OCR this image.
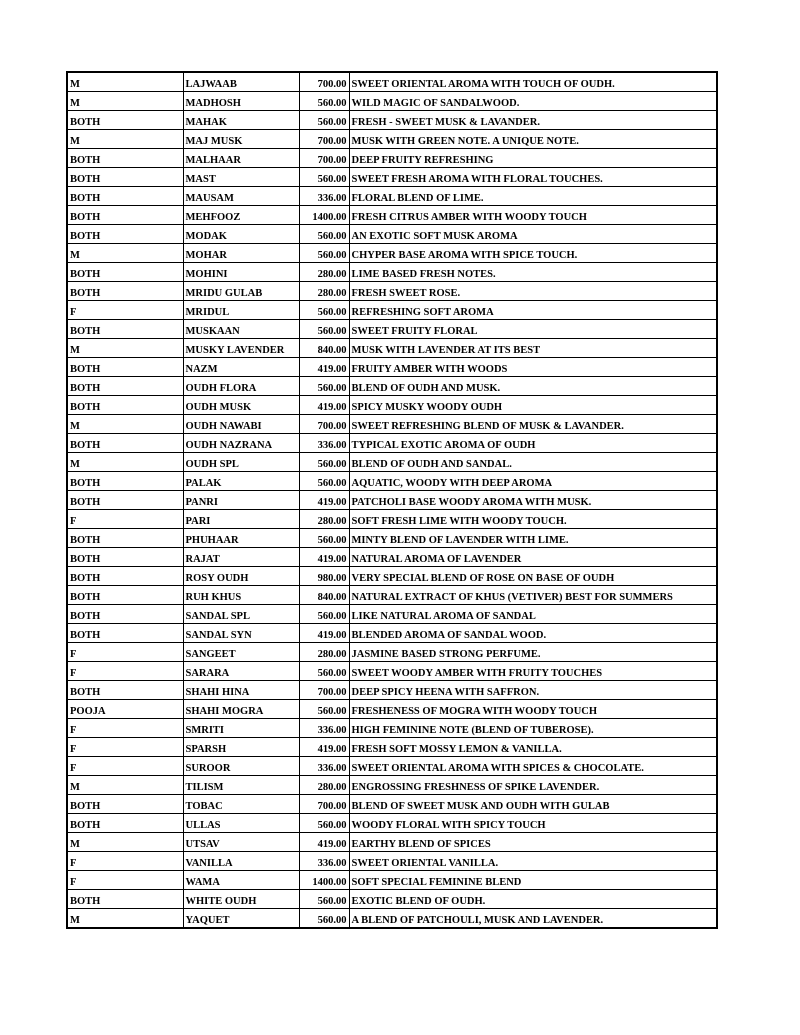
M	LAJWAAB	700.00	SWEET ORIENTAL AROMA WITH TOUCH OF OUDH.
M	MADHOSH	560.00	WILD MAGIC OF SANDALWOOD.
BOTH	MAHAK	560.00	FRESH - SWEET MUSK & LAVANDER.
M	MAJ MUSK	700.00	MUSK WITH GREEN NOTE. A UNIQUE NOTE.
BOTH	MALHAAR	700.00	DEEP FRUITY REFRESHING
BOTH	MAST	560.00	SWEET FRESH AROMA WITH FLORAL TOUCHES.
BOTH	MAUSAM	336.00	FLORAL BLEND OF LIME.
BOTH	MEHFOOZ	1400.00	FRESH CITRUS AMBER WITH WOODY TOUCH
BOTH	MODAK	560.00	AN EXOTIC SOFT MUSK AROMA
M	MOHAR	560.00	CHYPER BASE AROMA WITH SPICE TOUCH.
BOTH	MOHINI	280.00	LIME BASED FRESH NOTES.
BOTH	MRIDU GULAB	280.00	FRESH SWEET ROSE.
F	MRIDUL	560.00	REFRESHING SOFT AROMA
BOTH	MUSKAAN	560.00	SWEET FRUITY FLORAL
M	MUSKY LAVENDER	840.00	MUSK WITH LAVENDER AT ITS BEST
BOTH	NAZM	419.00	FRUITY AMBER WITH WOODS
BOTH	OUDH FLORA	560.00	BLEND OF OUDH AND MUSK.
BOTH	OUDH MUSK	419.00	SPICY MUSKY WOODY OUDH
M	OUDH NAWABI	700.00	SWEET REFRESHING BLEND OF MUSK & LAVANDER.
BOTH	OUDH NAZRANA	336.00	TYPICAL EXOTIC AROMA OF OUDH
M	OUDH SPL	560.00	BLEND OF OUDH AND SANDAL.
BOTH	PALAK	560.00	AQUATIC, WOODY WITH DEEP AROMA
BOTH	PANRI	419.00	PATCHOLI BASE WOODY AROMA WITH MUSK.
F	PARI	280.00	SOFT FRESH LIME WITH WOODY TOUCH.
BOTH	PHUHAAR	560.00	MINTY BLEND OF LAVENDER WITH LIME.
BOTH	RAJAT	419.00	NATURAL AROMA OF LAVENDER
BOTH	ROSY OUDH	980.00	VERY SPECIAL BLEND OF ROSE ON BASE OF OUDH
BOTH	RUH KHUS	840.00	NATURAL EXTRACT OF KHUS (VETIVER) BEST FOR SUMMERS
BOTH	SANDAL SPL	560.00	LIKE NATURAL AROMA OF SANDAL
BOTH	SANDAL SYN	419.00	BLENDED AROMA OF SANDAL WOOD.
F	SANGEET	280.00	JASMINE BASED STRONG PERFUME.
F	SARARA	560.00	SWEET WOODY AMBER WITH FRUITY TOUCHES
BOTH	SHAHI HINA	700.00	DEEP SPICY HEENA WITH SAFFRON.
POOJA	SHAHI MOGRA	560.00	FRESHENESS OF MOGRA WITH WOODY TOUCH
F	SMRITI	336.00	HIGH FEMININE NOTE (BLEND OF TUBEROSE).
F	SPARSH	419.00	FRESH SOFT MOSSY LEMON & VANILLA.
F	SUROOR	336.00	SWEET ORIENTAL AROMA WITH SPICES & CHOCOLATE.
M	TILISM	280.00	ENGROSSING FRESHNESS OF SPIKE LAVENDER.
BOTH	TOBAC	700.00	BLEND OF SWEET MUSK AND OUDH WITH GULAB
BOTH	ULLAS	560.00	WOODY FLORAL WITH SPICY TOUCH
M	UTSAV	419.00	EARTHY BLEND OF SPICES
F	VANILLA	336.00	SWEET ORIENTAL VANILLA.
F	WAMA	1400.00	SOFT SPECIAL FEMININE BLEND
BOTH	WHITE OUDH	560.00	EXOTIC BLEND OF OUDH.
M	YAQUET	560.00	A BLEND OF PATCHOULI, MUSK AND LAVENDER.
